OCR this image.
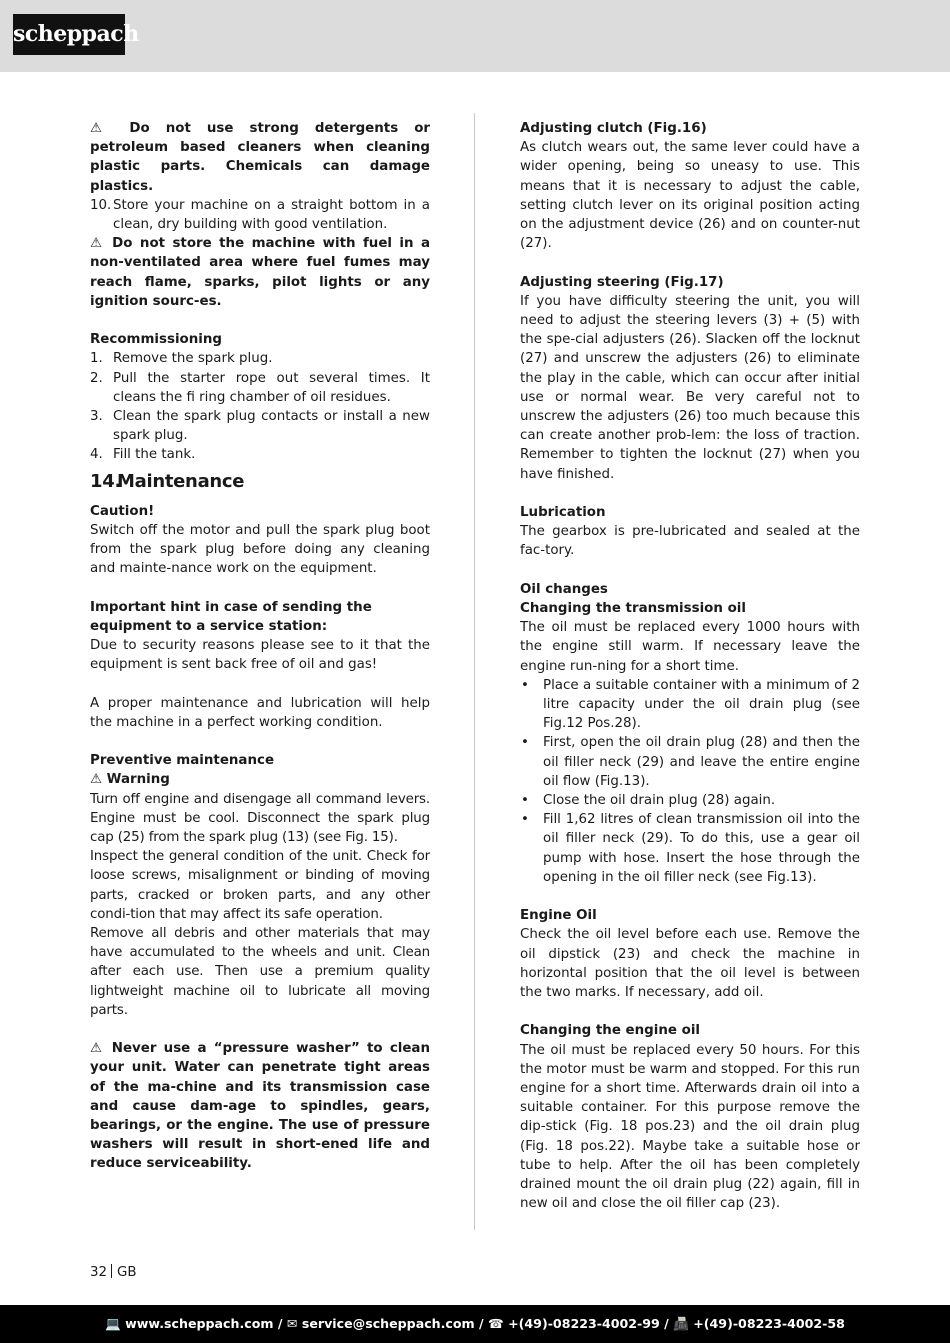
scheppach

⚠ Do not use strong detergents or petroleum based cleaners when cleaning plastic parts. Chemicals can damage plastics.

10. Store your machine on a straight bottom in a clean, dry building with good ventilation.

⚠ Do not store the machine with fuel in a non-ventilated area where fuel fumes may reach flame, sparks, pilot lights or any ignition sourc-es.

Recommissioning

1. Remove the spark plug.
2. Pull the starter rope out several times. It cleans the fi ring chamber of oil residues.
3. Clean the spark plug contacts or install a new spark plug.
4. Fill the tank.
14.Maintenance

Caution!

Switch off the motor and pull the spark plug boot from the spark plug before doing any cleaning and mainte-nance work on the equipment.

Important hint in case of sending the equipment to a service station:

Due to security reasons please see to it that the equipment is sent back free of oil and gas!

A proper maintenance and lubrication will help the machine in a perfect working condition.

Preventive maintenance

⚠ Warning

Turn off engine and disengage all command levers. Engine must be cool. Disconnect the spark plug cap (25) from the spark plug (13) (see Fig. 15).

Inspect the general condition of the unit. Check for loose screws, misalignment or binding of moving parts, cracked or broken parts, and any other condi-tion that may affect its safe operation.

Remove all debris and other materials that may have accumulated to the wheels and unit. Clean after each use. Then use a premium quality lightweight machine oil to lubricate all moving parts.

⚠ Never use a “pressure washer” to clean your unit. Water can penetrate tight areas of the ma-chine and its transmission case and cause dam-age to spindles, gears, bearings, or the engine. The use of pressure washers will result in short-ened life and reduce serviceability.

Adjusting clutch (Fig.16)

As clutch wears out, the same lever could have a wider opening, being so uneasy to use. This means that it is necessary to adjust the cable, setting clutch lever on its original position acting on the adjustment device (26) and on counter-nut (27).

Adjusting steering (Fig.17)

If you have difficulty steering the unit, you will need to adjust the steering levers (3) + (5) with the spe-cial adjusters (26). Slacken off the locknut (27) and unscrew the adjusters (26) to eliminate the play in the cable, which can occur after initial use or normal wear. Be very careful not to unscrew the adjusters (26) too much because this can create another prob-lem: the loss of traction. Remember to tighten the locknut (27) when you have finished.

Lubrication

The gearbox is pre-lubricated and sealed at the fac-tory.

Oil changes

Changing the transmission oil

The oil must be replaced every 1000 hours with the engine still warm. If necessary leave the engine run-ning for a short time.

• Place a suitable container with a minimum of 2 litre capacity under the oil drain plug (see Fig.12 Pos.28).
• First, open the oil drain plug (28) and then the oil filler neck (29) and leave the entire engine oil flow (Fig.13).
• Close the oil drain plug (28) again.
• Fill 1,62 litres of clean transmission oil into the oil filler neck (29). To do this, use a gear oil pump with hose. Insert the hose through the opening in the oil filler neck (see Fig.13).

Engine Oil

Check the oil level before each use. Remove the oil dipstick (23) and check the machine in horizontal position that the oil level is between the two marks. If necessary, add oil.

Changing the engine oil

The oil must be replaced every 50 hours. For this the motor must be warm and stopped. For this run engine for a short time. Afterwards drain oil into a suitable container. For this purpose remove the dip-stick (Fig. 18 pos.23) and the oil drain plug (Fig. 18 pos.22). Maybe take a suitable hose or tube to help. After the oil has been completely drained mount the oil drain plug (22) again, fill in new oil and close the oil filler cap (23).

32 GB
💻 www.scheppach.com / ✉ service@scheppach.com / ☎ +(49)-08223-4002-99 / 📠 +(49)-08223-4002-58
